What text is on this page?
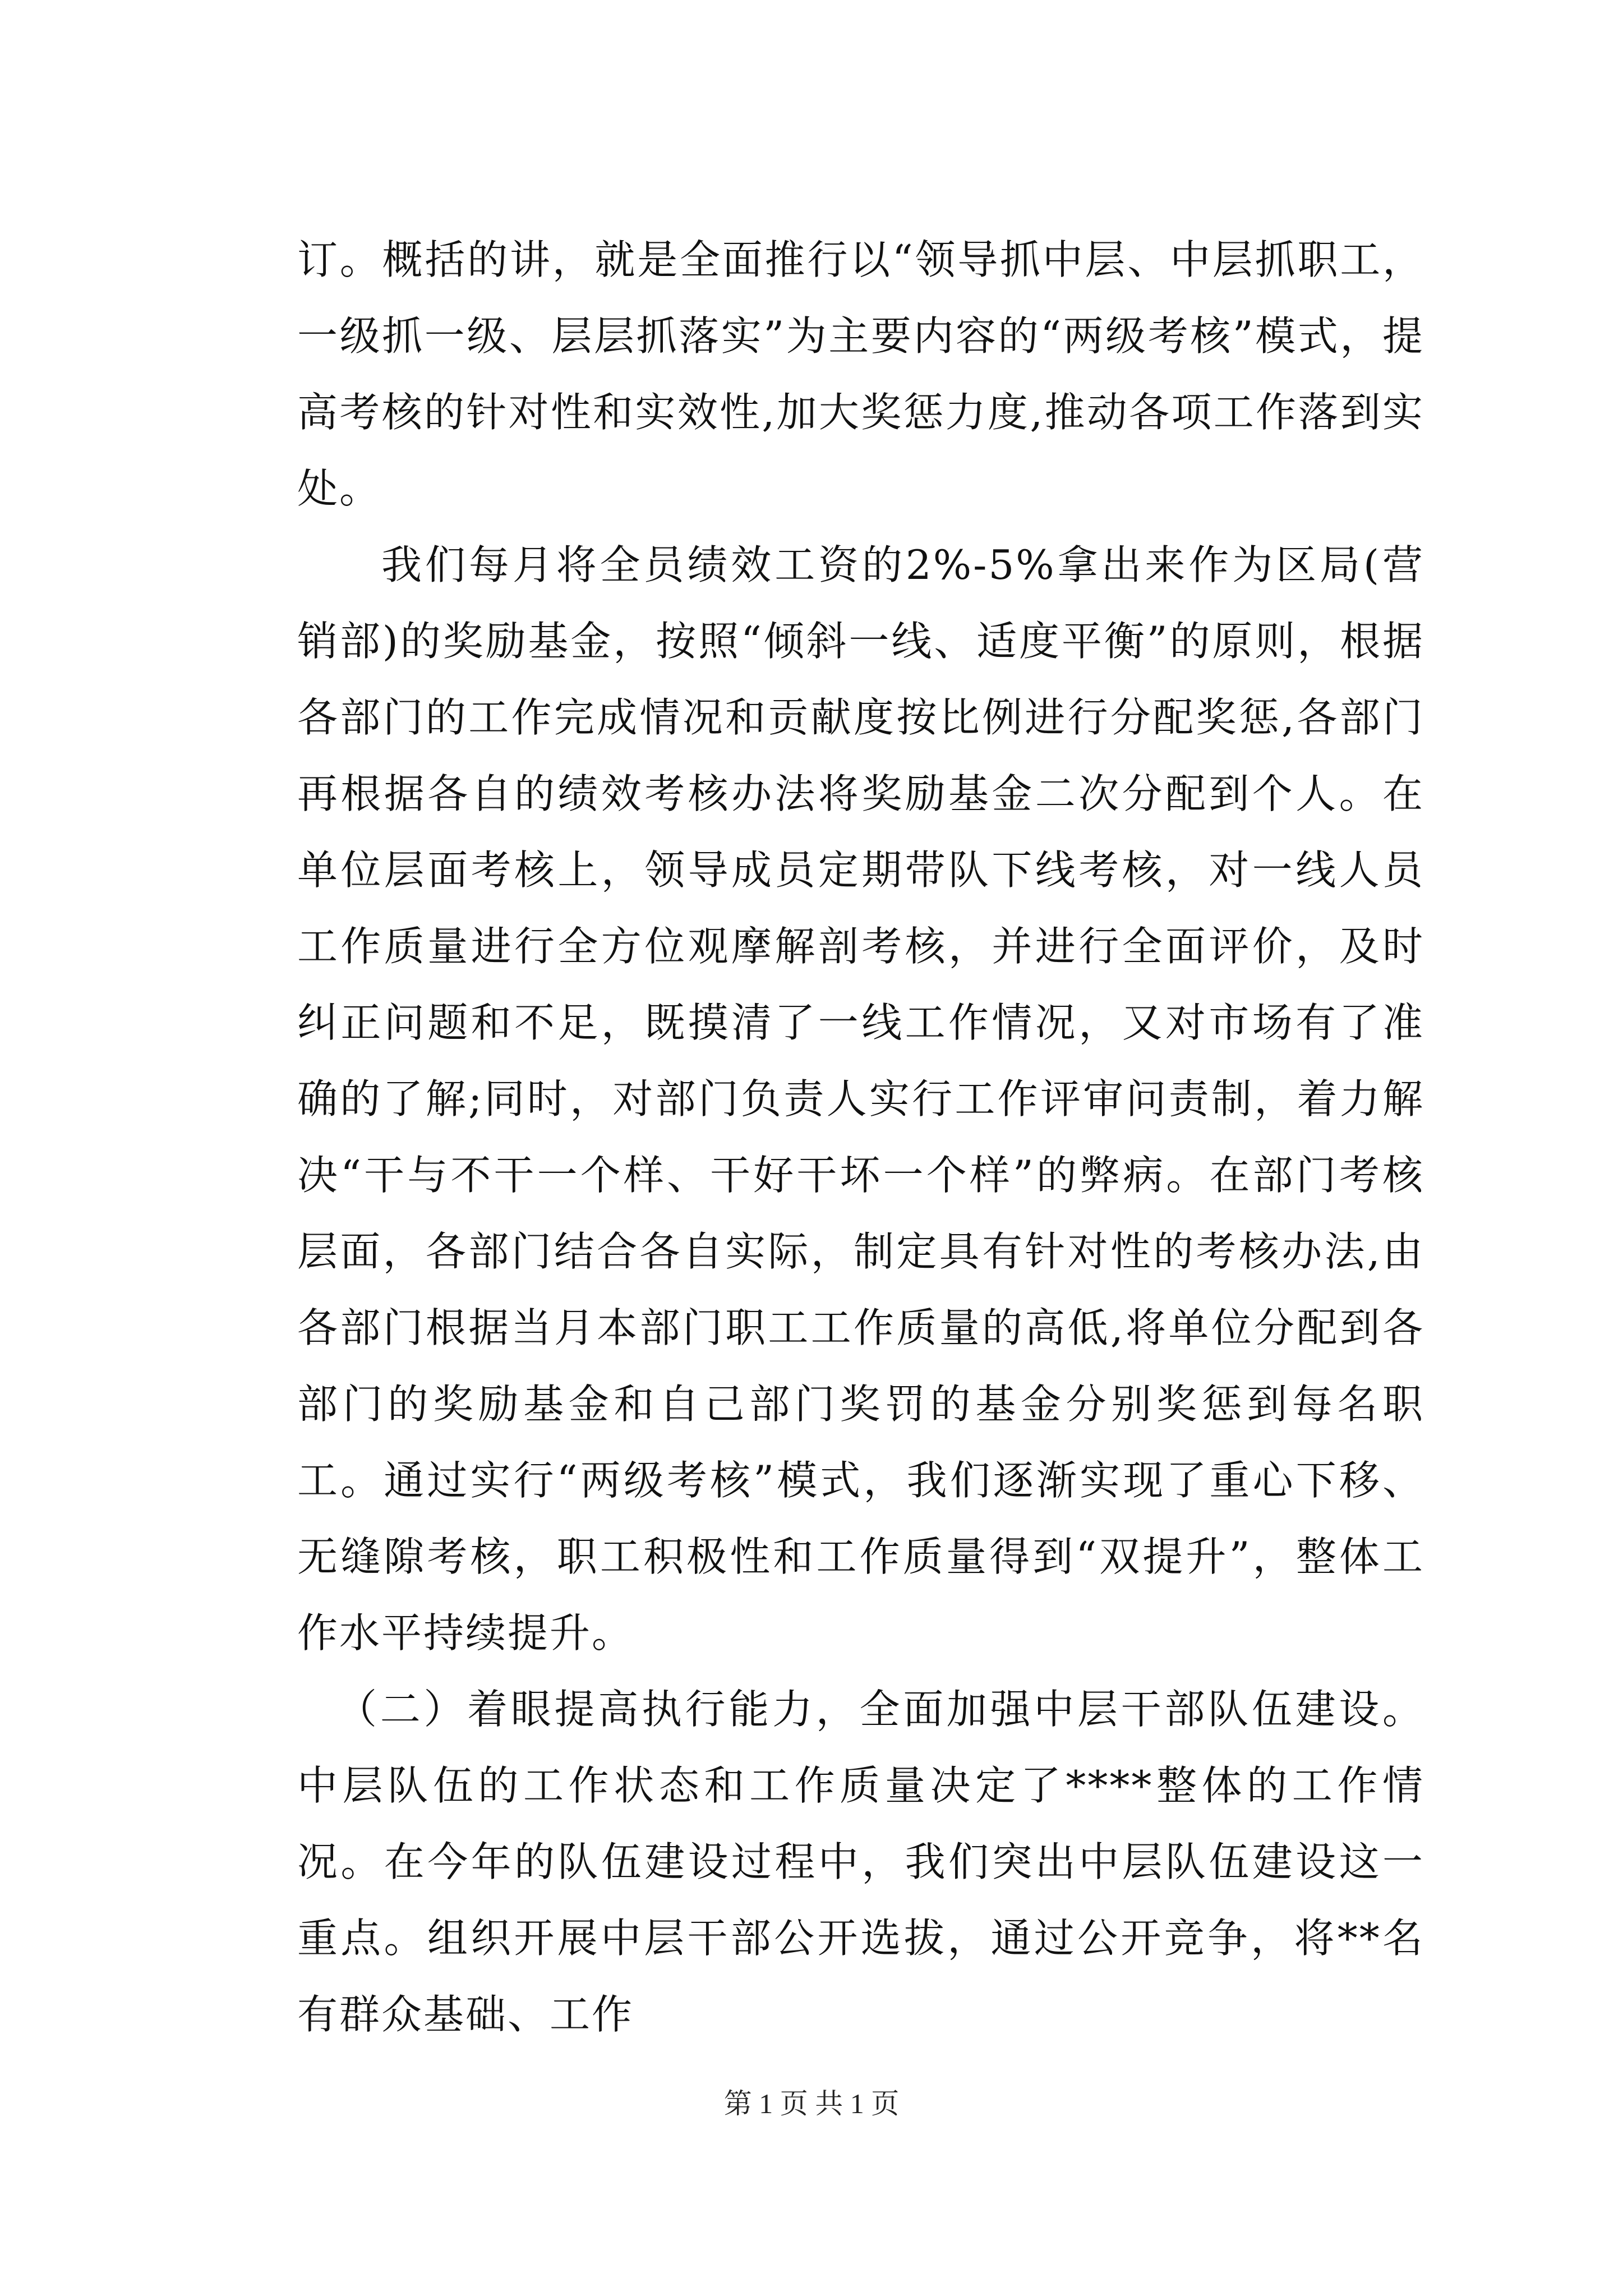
订。概括的讲，就是全面推行以“领导抓中层、中层抓职工，一级抓一级、层层抓落实”为主要内容的“两级考核”模式，提高考核的针对性和实效性,加大奖惩力度,推动各项工作落到实处。

我们每月将全员绩效工资的2%-5%拿出来作为区局(营销部)的奖励基金，按照“倾斜一线、适度平衡”的原则，根据各部门的工作完成情况和贡献度按比例进行分配奖惩,各部门再根据各自的绩效考核办法将奖励基金二次分配到个人。在单位层面考核上，领导成员定期带队下线考核，对一线人员工作质量进行全方位观摩解剖考核，并进行全面评价，及时纠正问题和不足，既摸清了一线工作情况，又对市场有了准确的了解;同时，对部门负责人实行工作评审问责制，着力解决“干与不干一个样、干好干坏一个样”的弊病。在部门考核层面，各部门结合各自实际，制定具有针对性的考核办法,由各部门根据当月本部门职工工作质量的高低,将单位分配到各部门的奖励基金和自己部门奖罚的基金分别奖惩到每名职工。通过实行“两级考核”模式，我们逐渐实现了重心下移、无缝隙考核，职工积极性和工作质量得到“双提升”，整体工作水平持续提升。

（二）着眼提高执行能力，全面加强中层干部队伍建设。中层队伍的工作状态和工作质量决定了****整体的工作情况。在今年的队伍建设过程中，我们突出中层队伍建设这一重点。组织开展中层干部公开选拔，通过公开竞争，将**名有群众基础、工作

第 1 页 共 1 页
